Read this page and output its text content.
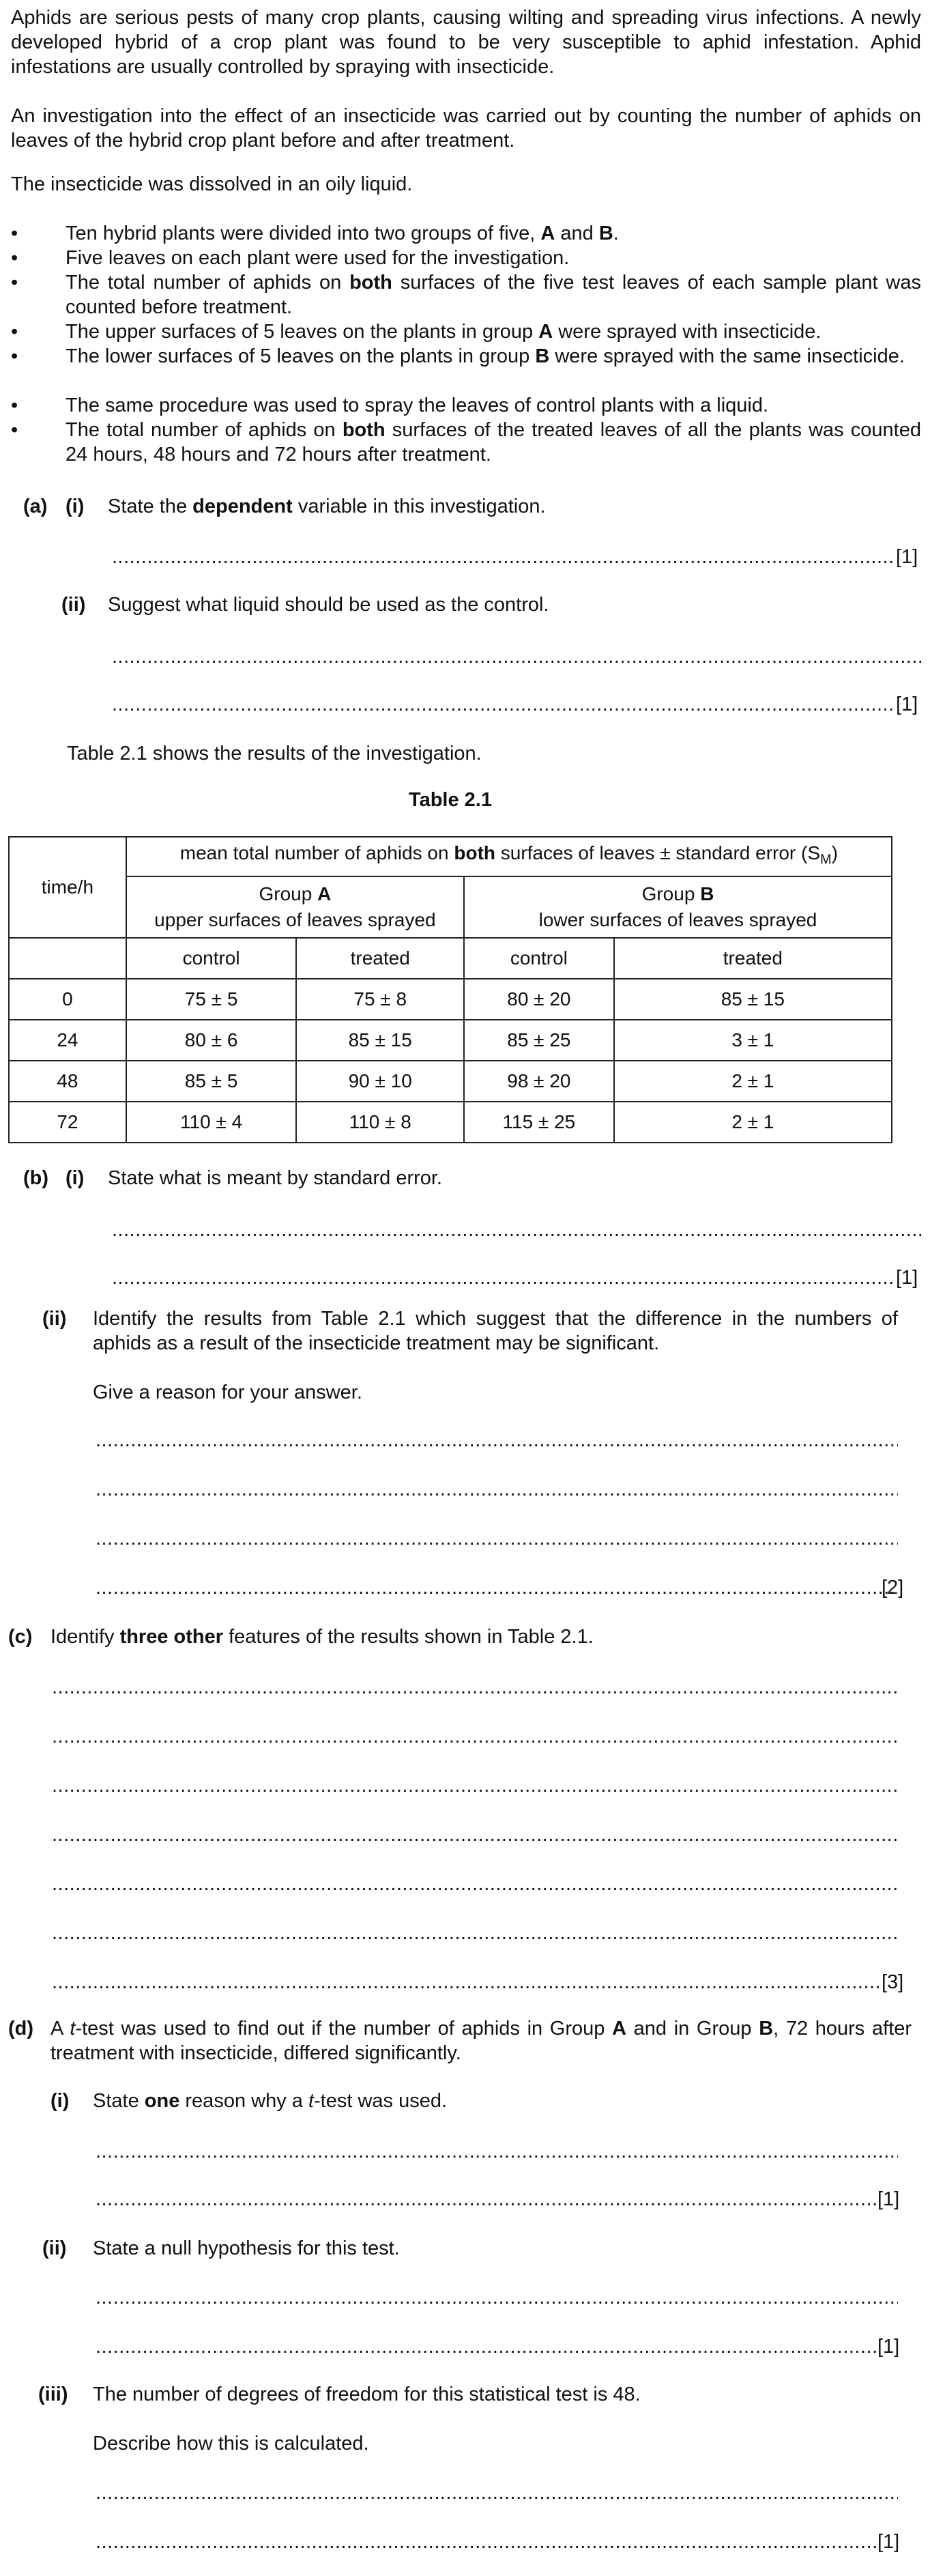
Aphids are serious pests of many crop plants, causing wilting and spreading virus infections. A newly developed hybrid of a crop plant was found to be very susceptible to aphid infestation. Aphid infestations are usually controlled by spraying with insecticide.
An investigation into the effect of an insecticide was carried out by counting the number of aphids on leaves of the hybrid crop plant before and after treatment.
The insecticide was dissolved in an oily liquid.
• Ten hybrid plants were divided into two groups of five, A and B.
• Five leaves on each plant were used for the investigation.
• The total number of aphids on both surfaces of the five test leaves of each sample plant was counted before treatment.
• The upper surfaces of 5 leaves on the plants in group A were sprayed with insecticide.
• The lower surfaces of 5 leaves on the plants in group B were sprayed with the same insecticide.
• The same procedure was used to spray the leaves of control plants with a liquid.
• The total number of aphids on both surfaces of the treated leaves of all the plants was counted 24 hours, 48 hours and 72 hours after treatment.
(a) (i) State the dependent variable in this investigation.
.....
[1]
(ii) Suggest what liquid should be used as the control.
.....
.....
[1]
Table 2.1 shows the results of the investigation.
Table 2.1
time/h	mean total number of aphids on both surfaces of leaves ± standard error $(S_M)$			
	Group A
upper surfaces of leaves sprayed		Group B
lower surfaces of leaves sprayed	
	control	treated	control	treated
0	75 ± 5	75 ± 8	80 ± 20	85 ± 15
24	80 ± 6	85 ± 15	85 ± 25	3 ± 1
48	85 ± 5	90 ± 10	98 ± 20	2 ± 1
72	110 ± 4	110 ± 8	115 ± 25	2 ± 1
(b) (i) State what is meant by standard error.
.....
.....
[1]
(ii) Identify the results from Table 2.1 which suggest that the difference in the numbers of aphids as a result of the insecticide treatment may be significant.
Give a reason for your answer.
.....
.....
.....
.....
[2]
(c) Identify three other features of the results shown in Table 2.1.
.....
.....
.....
.....
.....
.....
.....
[3]
(d) A t-test was used to find out if the number of aphids in Group A and in Group B, 72 hours after treatment with insecticide, differed significantly.
(i) State one reason why a t-test was used.
.....
.....
[1]
(ii) State a null hypothesis for this test.
.....
.....
[1]
(iii) The number of degrees of freedom for this statistical test is 48.
Describe how this is calculated.
.....
.....
[1]
